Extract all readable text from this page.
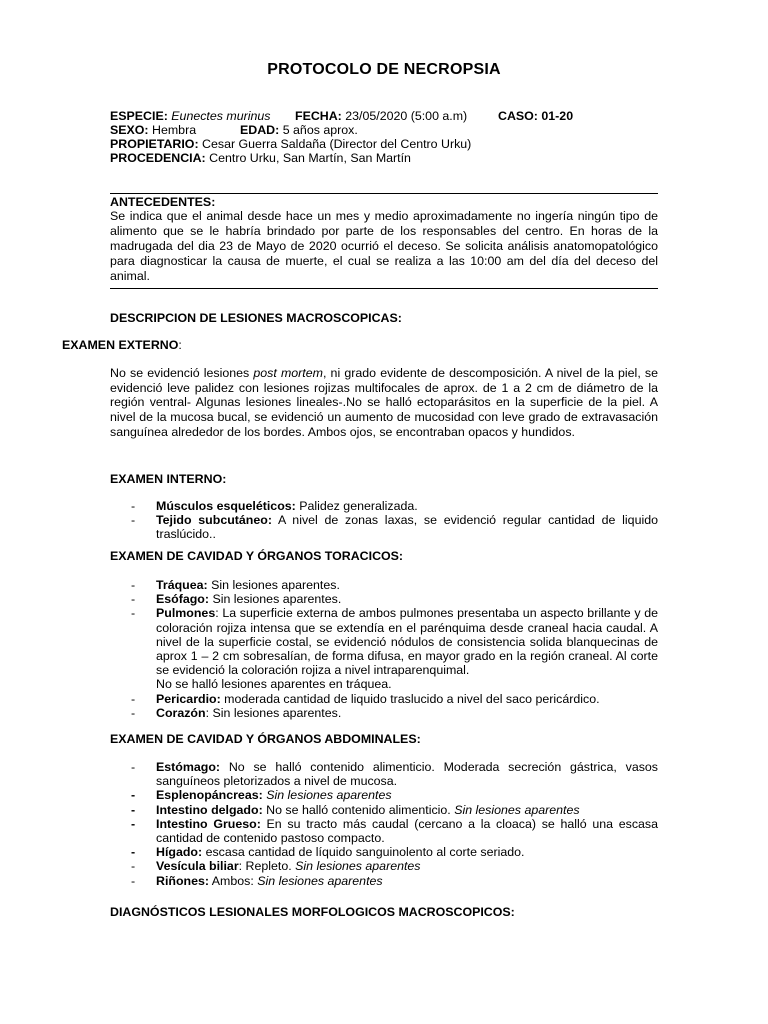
PROTOCOLO DE NECROPSIA
ESPECIE: Eunectes murinus FECHA: 23/05/2020 (5:00 a.m) CASO: 01-20
SEXO: Hembra	EDAD: 5 años aprox.
PROPIETARIO: Cesar Guerra Saldaña (Director del Centro Urku)
PROCEDENCIA: Centro Urku, San Martín, San Martín
ANTECEDENTES:
Se indica que el animal desde hace un mes y medio aproximadamente no ingería ningún tipo de alimento que se le habría brindado por parte de los responsables del centro. En horas de la madrugada del dia 23 de Mayo de 2020 ocurrió el deceso. Se solicita análisis anatomopatológico para diagnosticar la causa de muerte, el cual se realiza a las 10:00 am del día del deceso del animal.
DESCRIPCION DE LESIONES MACROSCOPICAS:
EXAMEN EXTERNO:
No se evidenció lesiones post mortem, ni grado evidente de descomposición. A nivel de la piel, se evidenció leve palidez con lesiones rojizas multifocales de aprox. de 1 a 2 cm de diámetro de la región ventral- Algunas lesiones lineales-.No se halló ectoparásitos en la superficie de la piel. A nivel de la mucosa bucal, se evidenció un aumento de mucosidad con leve grado de extravasación sanguínea alrededor de los bordes. Ambos ojos, se encontraban opacos y hundidos.
EXAMEN INTERNO:
- Músculos esqueléticos: Palidez generalizada.
- Tejido subcutáneo: A nivel de zonas laxas, se evidenció regular cantidad de liquido traslúcido..
EXAMEN DE CAVIDAD Y ÓRGANOS TORACICOS:
- Tráquea: Sin lesiones aparentes.
- Esófago: Sin lesiones aparentes.
- Pulmones: La superficie externa de ambos pulmones presentaba un aspecto brillante y de coloración rojiza intensa que se extendía en el parénquima desde craneal hacia caudal. A nivel de la superficie costal, se evidenció nódulos de consistencia solida blanquecinas de aprox 1 – 2 cm sobresalían, de forma difusa, en mayor grado en la región craneal. Al corte se evidenció la coloración rojiza a nivel intraparenquimal.
No se halló lesiones aparentes en tráquea.
- Pericardio: moderada cantidad de liquido traslucido a nivel del saco pericárdico.
- Corazón: Sin lesiones aparentes.
EXAMEN DE CAVIDAD Y ÓRGANOS ABDOMINALES:
- Estómago: No se halló contenido alimenticio. Moderada secreción gástrica, vasos sanguíneos pletorizados a nivel de mucosa.
- Esplenopáncreas: Sin lesiones aparentes
- Intestino delgado: No se halló contenido alimenticio. Sin lesiones aparentes
- Intestino Grueso: En su tracto más caudal (cercano a la cloaca) se halló una escasa cantidad de contenido pastoso compacto.
- Hígado: escasa cantidad de líquido sanguinolento al corte seriado.
- Vesícula biliar: Repleto. Sin lesiones aparentes
- Riñones: Ambos: Sin lesiones aparentes
DIAGNÓSTICOS LESIONALES MORFOLOGICOS MACROSCOPICOS:
